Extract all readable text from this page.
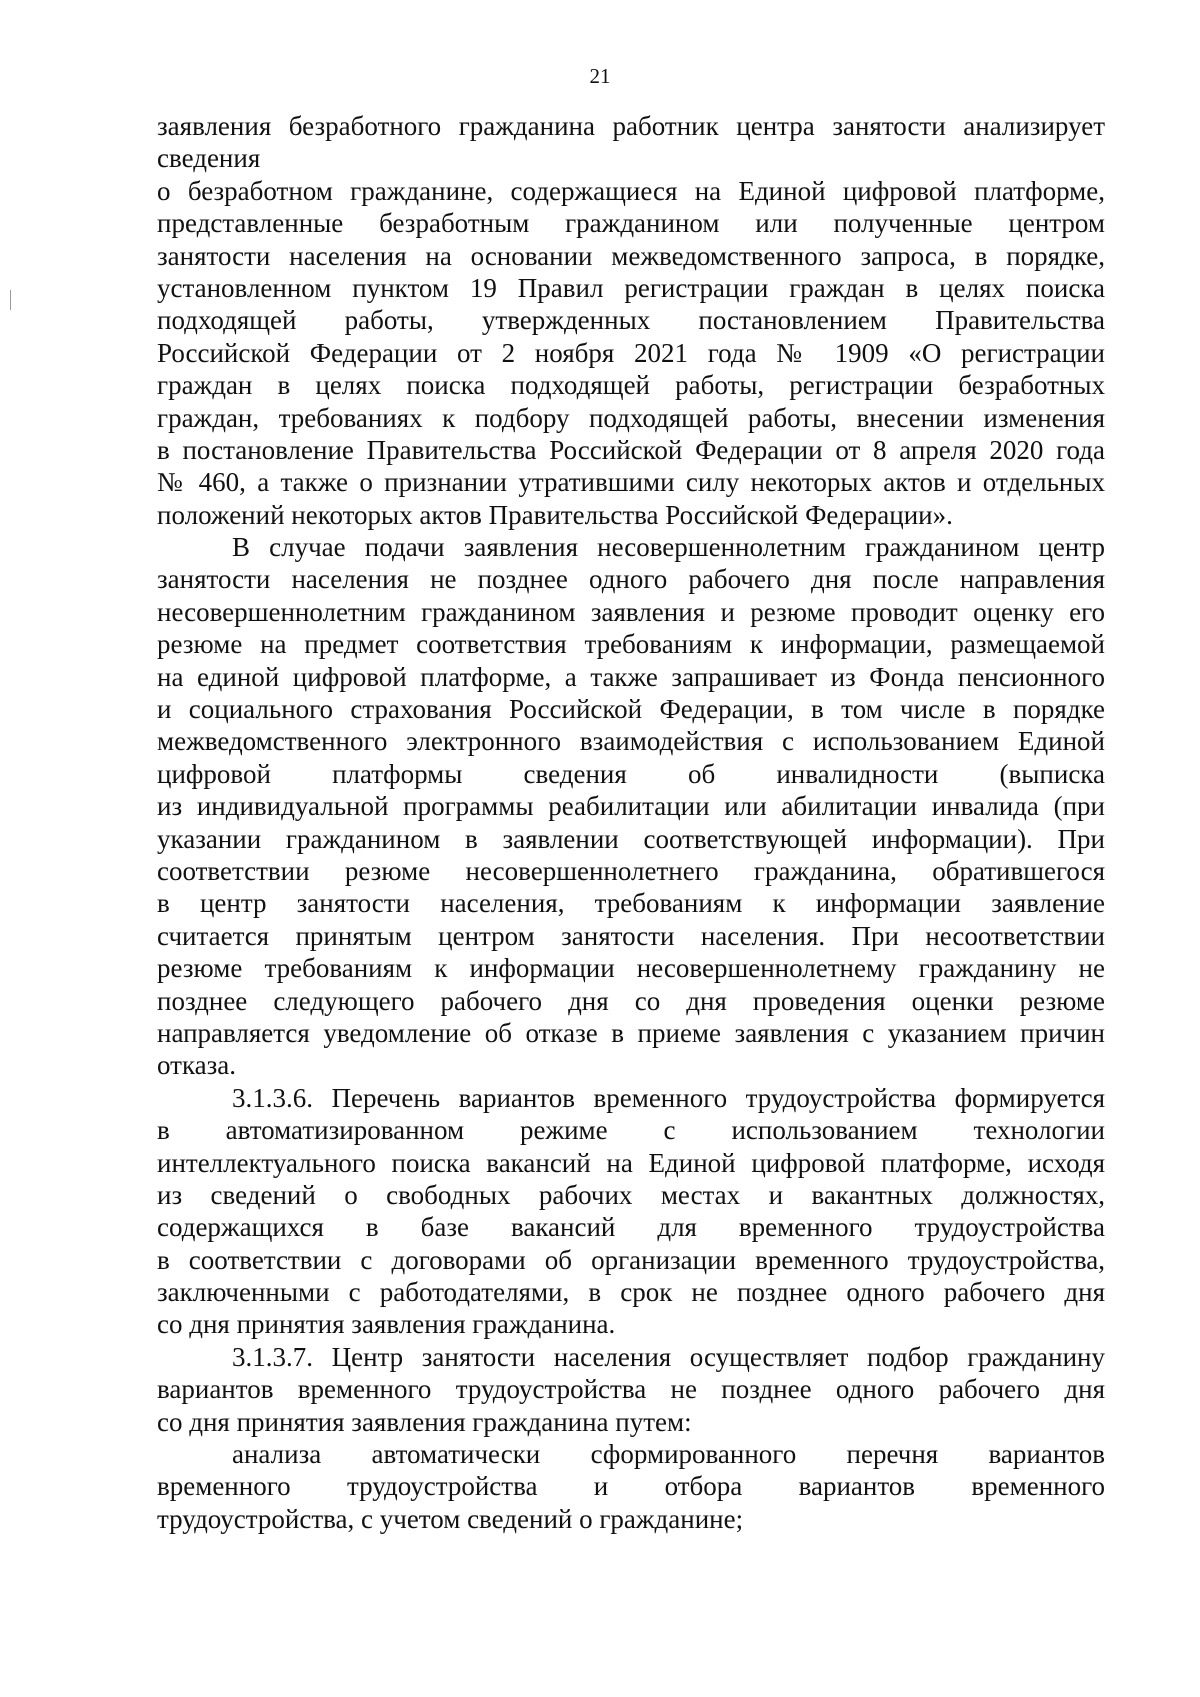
21
заявления безработного гражданина работник центра занятости анализирует
сведения
о безработном гражданине, содержащиеся на Единой цифровой платформе,
представленные безработным гражданином или полученные центром
занятости населения на основании межведомственного запроса, в порядке,
установленном пунктом 19 Правил регистрации граждан в целях поиска
подходящей работы, утвержденных постановлением Правительства
Российской Федерации от 2 ноября 2021 года № 1909 «О регистрации
граждан в целях поиска подходящей работы, регистрации безработных
граждан, требованиях к подбору подходящей работы, внесении изменения
в постановление Правительства Российской Федерации от 8 апреля 2020 года
№ 460, а также о признании утратившими силу некоторых актов и отдельных
положений некоторых актов Правительства Российской Федерации».
В случае подачи заявления несовершеннолетним гражданином центр
занятости населения не позднее одного рабочего дня после направления
несовершеннолетним гражданином заявления и резюме проводит оценку его
резюме на предмет соответствия требованиям к информации, размещаемой
на единой цифровой платформе, а также запрашивает из Фонда пенсионного
и социального страхования Российской Федерации, в том числе в порядке
межведомственного электронного взаимодействия с использованием Единой
цифровой платформы сведения об инвалидности (выписка
из индивидуальной программы реабилитации или абилитации инвалида (при
указании гражданином в заявлении соответствующей информации). При
соответствии резюме несовершеннолетнего гражданина, обратившегося
в центр занятости населения, требованиям к информации заявление
считается принятым центром занятости населения. При несоответствии
резюме требованиям к информации несовершеннолетнему гражданину не
позднее следующего рабочего дня со дня проведения оценки резюме
направляется уведомление об отказе в приеме заявления с указанием причин
отказа.
3.1.3.6. Перечень вариантов временного трудоустройства формируется
в автоматизированном режиме с использованием технологии
интеллектуального поиска вакансий на Единой цифровой платформе, исходя
из сведений о свободных рабочих местах и вакантных должностях,
содержащихся в базе вакансий для временного трудоустройства
в соответствии с договорами об организации временного трудоустройства,
заключенными с работодателями, в срок не позднее одного рабочего дня
со дня принятия заявления гражданина.
3.1.3.7. Центр занятости населения осуществляет подбор гражданину
вариантов временного трудоустройства не позднее одного рабочего дня
со дня принятия заявления гражданина путем:
анализа автоматически сформированного перечня вариантов
временного трудоустройства и отбора вариантов временного
трудоустройства, с учетом сведений о гражданине;
